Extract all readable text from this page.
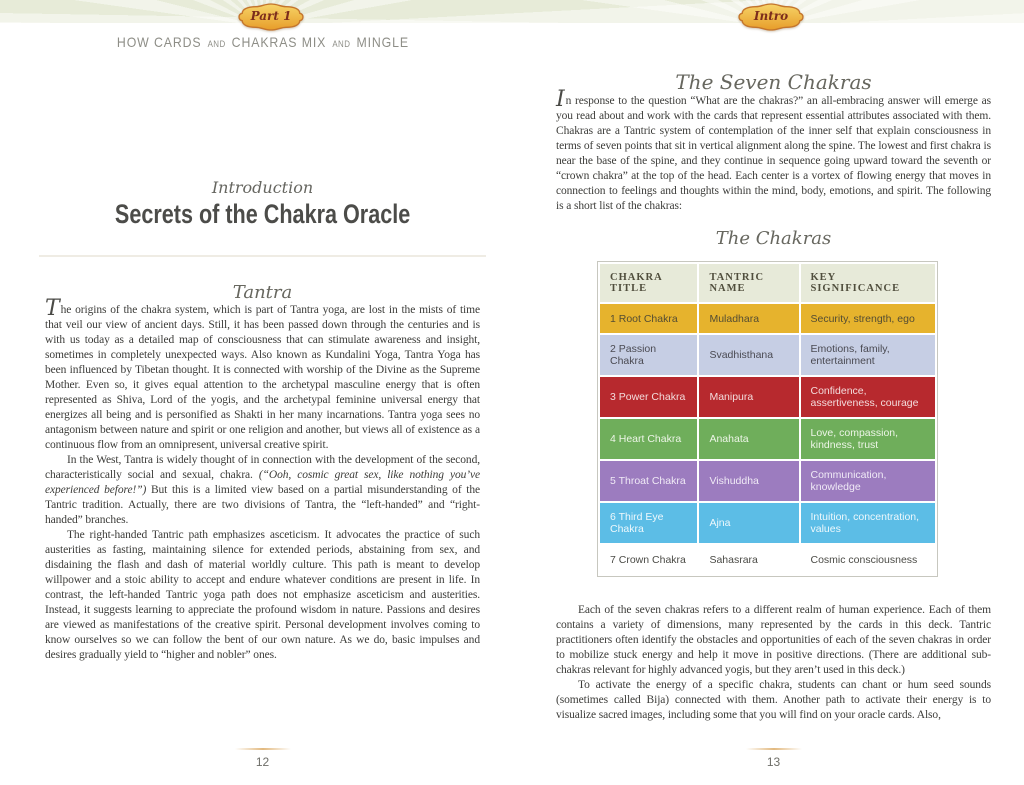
Part 1	Intro
HOW CARDS AND CHAKRAS MIX AND MINGLE
Introduction
Secrets of the Chakra Oracle
Tantra

The origins of the chakra system, which is part of Tantra yoga, are lost in the mists of time that veil our view of ancient days. Still, it has been passed down through the centuries and is with us today as a detailed map of consciousness that can stimulate awareness and insight, sometimes in completely unexpected ways. Also known as Kundalini Yoga, Tantra Yoga has been influenced by Tibetan thought. It is connected with worship of the Divine as the Supreme Mother. Even so, it gives equal attention to the archetypal masculine energy that is often represented as Shiva, Lord of the yogis, and the archetypal feminine universal energy that energizes all being and is personified as Shakti in her many incarnations. Tantra yoga sees no antagonism between nature and spirit or one religion and another, but views all of existence as a continuous flow from an omnipresent, universal creative spirit.

In the West, Tantra is widely thought of in connection with the development of the second, characteristically social and sexual, chakra. (“Ooh, cosmic great sex, like nothing you’ve experienced before!”) But this is a limited view based on a partial misunderstanding of the Tantric tradition. Actually, there are two divisions of Tantra, the “left-handed” and “right-handed” branches.

The right-handed Tantric path emphasizes asceticism. It advocates the practice of such austerities as fasting, maintaining silence for extended periods, abstaining from sex, and disdaining the flash and dash of material worldly culture. This path is meant to develop willpower and a stoic ability to accept and endure whatever conditions are present in life. In contrast, the left-handed Tantric yoga path does not emphasize asceticism and austerities. Instead, it suggests learning to appreciate the profound wisdom in nature. Passions and desires are viewed as manifestations of the creative spirit. Personal development involves coming to know ourselves so we can follow the bent of our own nature. As we do, basic impulses and desires gradually yield to “higher and nobler” ones.

12
The Seven Chakras

In response to the question “What are the chakras?” an all-embracing answer will emerge as you read about and work with the cards that represent essential attributes associated with them. Chakras are a Tantric system of contemplation of the inner self that explain consciousness in terms of seven points that sit in vertical alignment along the spine. The lowest and first chakra is near the base of the spine, and they continue in sequence going upward toward the seventh or “crown chakra” at the top of the head. Each center is a vortex of flowing energy that moves in connection to feelings and thoughts within the mind, body, emotions, and spirit. The following is a short list of the chakras:

The Chakras
CHAKRA TITLE	TANTRIC NAME	KEY SIGNIFICANCE
1 Root Chakra	Muladhara	Security, strength, ego
2 Passion Chakra	Svadhisthana	Emotions, family, entertainment
3 Power Chakra	Manipura	Confidence, assertiveness, courage
4 Heart Chakra	Anahata	Love, compassion, kindness, trust
5 Throat Chakra	Vishuddha	Communication, knowledge
6 Third Eye Chakra	Ajna	Intuition, concentration, values
7 Crown Chakra	Sahasrara	Cosmic consciousness

Each of the seven chakras refers to a different realm of human experience. Each of them contains a variety of dimensions, many represented by the cards in this deck. Tantric practitioners often identify the obstacles and opportunities of each of the seven chakras in order to mobilize stuck energy and help it move in positive directions. (There are additional sub-chakras relevant for highly advanced yogis, but they aren’t used in this deck.)

To activate the energy of a specific chakra, students can chant or hum seed sounds (sometimes called Bija) connected with them. Another path to activate their energy is to visualize sacred images, including some that you will find on your oracle cards. Also,

13
